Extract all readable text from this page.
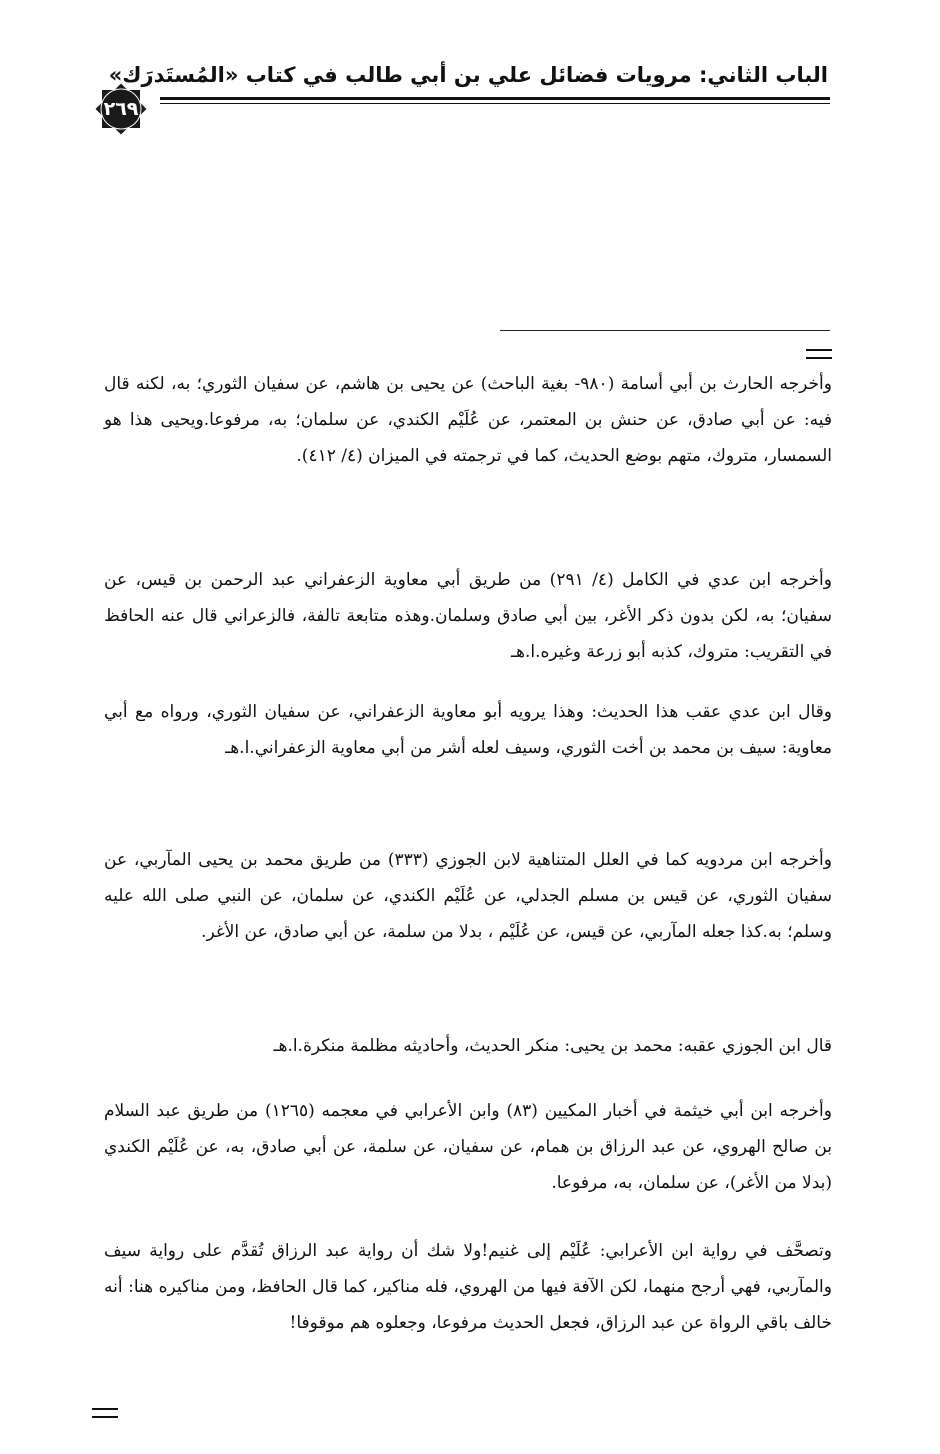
الباب الثاني: مرويات فضائل علي بن أبي طالب في كتاب «المُستَدرَك»
٢٦٩

وأخرجه الحارث بن أبي أسامة (٩٨٠- بغية الباحث) عن يحيى بن هاشم، عن سفيان الثوري؛ به، لكنه قال فيه: عن أبي صادق، عن حنش بن المعتمر، عن عُلَيْم الكندي، عن سلمان؛ به، مرفوعا.ويحيى هذا هو السمسار، متروك، متهم بوضع الحديث، كما في ترجمته في الميزان (٤/ ٤١٢).

وأخرجه ابن عدي في الكامل (٤/ ٢٩١) من طريق أبي معاوية الزعفراني عبد الرحمن بن قيس، عن سفيان؛ به، لكن بدون ذكر الأغر، بين أبي صادق وسلمان.وهذه متابعة تالفة، فالزعراني قال عنه الحافظ في التقريب: متروك، كذبه أبو زرعة وغيره.ا.هـ

وقال ابن عدي عقب هذا الحديث: وهذا يرويه أبو معاوية الزعفراني، عن سفيان الثوري، ورواه مع أبي معاوية: سيف بن محمد بن أخت الثوري، وسيف لعله أشر من أبي معاوية الزعفراني.ا.هـ

وأخرجه ابن مردويه كما في العلل المتناهية لابن الجوزي (٣٣٣) من طريق محمد بن يحيى المآربي، عن سفيان الثوري، عن قيس بن مسلم الجدلي، عن عُلَيْم الكندي، عن سلمان، عن النبي صلى الله عليه وسلم؛ به.كذا جعله المآربي، عن قيس، عن عُلَيْم ، بدلا من سلمة، عن أبي صادق، عن الأغر.

قال ابن الجوزي عقبه: محمد بن يحيى: منكر الحديث، وأحاديثه مظلمة منكرة.ا.هـ

وأخرجه ابن أبي خيثمة في أخبار المكيين (٨٣) وابن الأعرابي في معجمه (١٢٦٥) من طريق عبد السلام بن صالح الهروي، عن عبد الرزاق بن همام، عن سفيان، عن سلمة، عن أبي صادق، به، عن عُلَيْم الكندي (بدلا من الأغر)، عن سلمان، به، مرفوعا.

وتصحَّف في رواية ابن الأعرابي: عُلَيْم إلى غنيم!ولا شك أن رواية عبد الرزاق تُقدَّم على رواية سيف والمآربي، فهي أرجح منهما، لكن الآفة فيها من الهروي، فله مناكير، كما قال الحافظ، ومن مناكيره هنا: أنه خالف باقي الرواة عن عبد الرزاق، فجعل الحديث مرفوعا، وجعلوه هم موقوفا!
